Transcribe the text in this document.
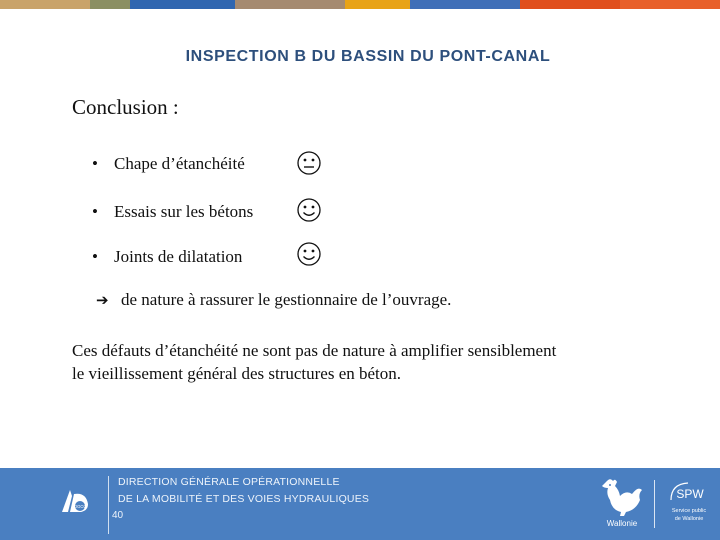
INSPECTION B DU BASSIN DU PONT-CANAL
Conclusion :
• Chape d’étanchéité
• Essais sur les bétons
• Joints de dilatation
➔ de nature à rassurer le gestionnaire de l’ouvrage.
Ces défauts d’étanchéité ne sont pas de nature à amplifier sensiblement
le vieillissement général des structures en béton.
DGO2
DIRECTION GÉNÉRALE OPÉRATIONNELLE
DE LA MOBILITÉ ET DES VOIES HYDRAULIQUES
40
Wallonie
SPW
Service public
de Wallonie
